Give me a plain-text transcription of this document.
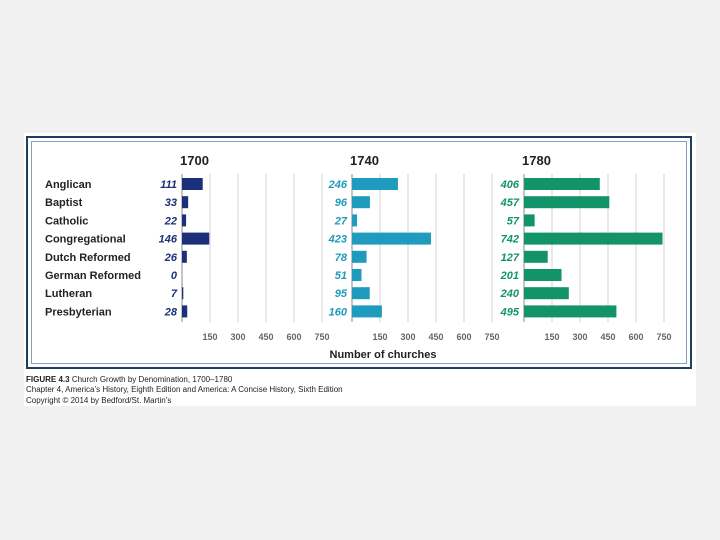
Anglican
Baptist
Catholic
Congregational
Dutch Reformed
German Reformed
Lutheran
Presbyterian
150 300 450 600 750
1700
111
33
22
146
26
0
7
28
150 300 450 600 750
1740
246
96
27
423
78
51
95
160
150 300 450 600 750
1780
406
457
57
742
127
201
240
495
Number of churches
FIGURE 4.3 Church Growth by Denomination, 1700–1780
Chapter 4, America’s History, Eighth Edition and America: A Concise History, Sixth Edition
Copyright © 2014 by Bedford/St. Martin’s
